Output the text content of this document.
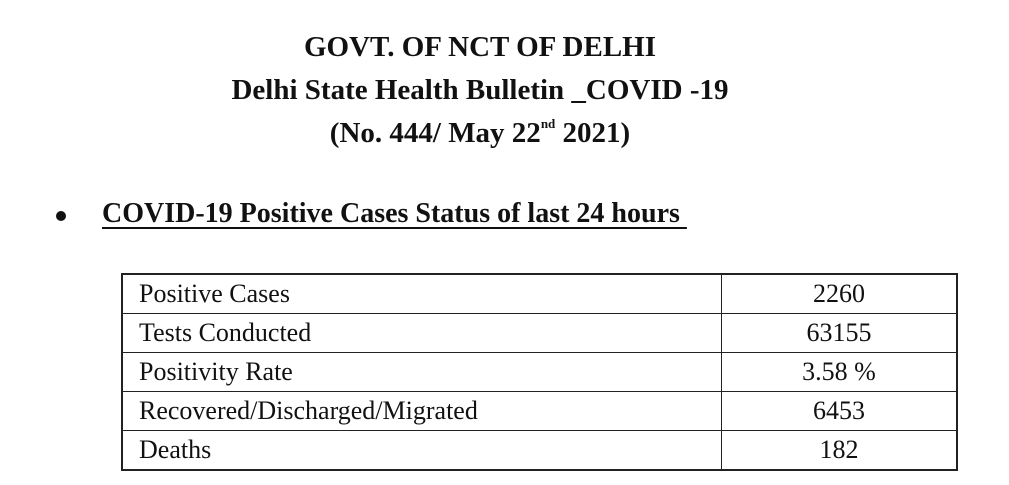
GOVT. OF NCT OF DELHI
Delhi State Health Bulletin _COVID -19
(No. 444/ May 22nd 2021)
COVID-19 Positive Cases Status of last 24 hours
Positive Cases	2260
Tests Conducted	63155
Positivity Rate	3.58 %
Recovered/Discharged/Migrated	6453
Deaths	182
